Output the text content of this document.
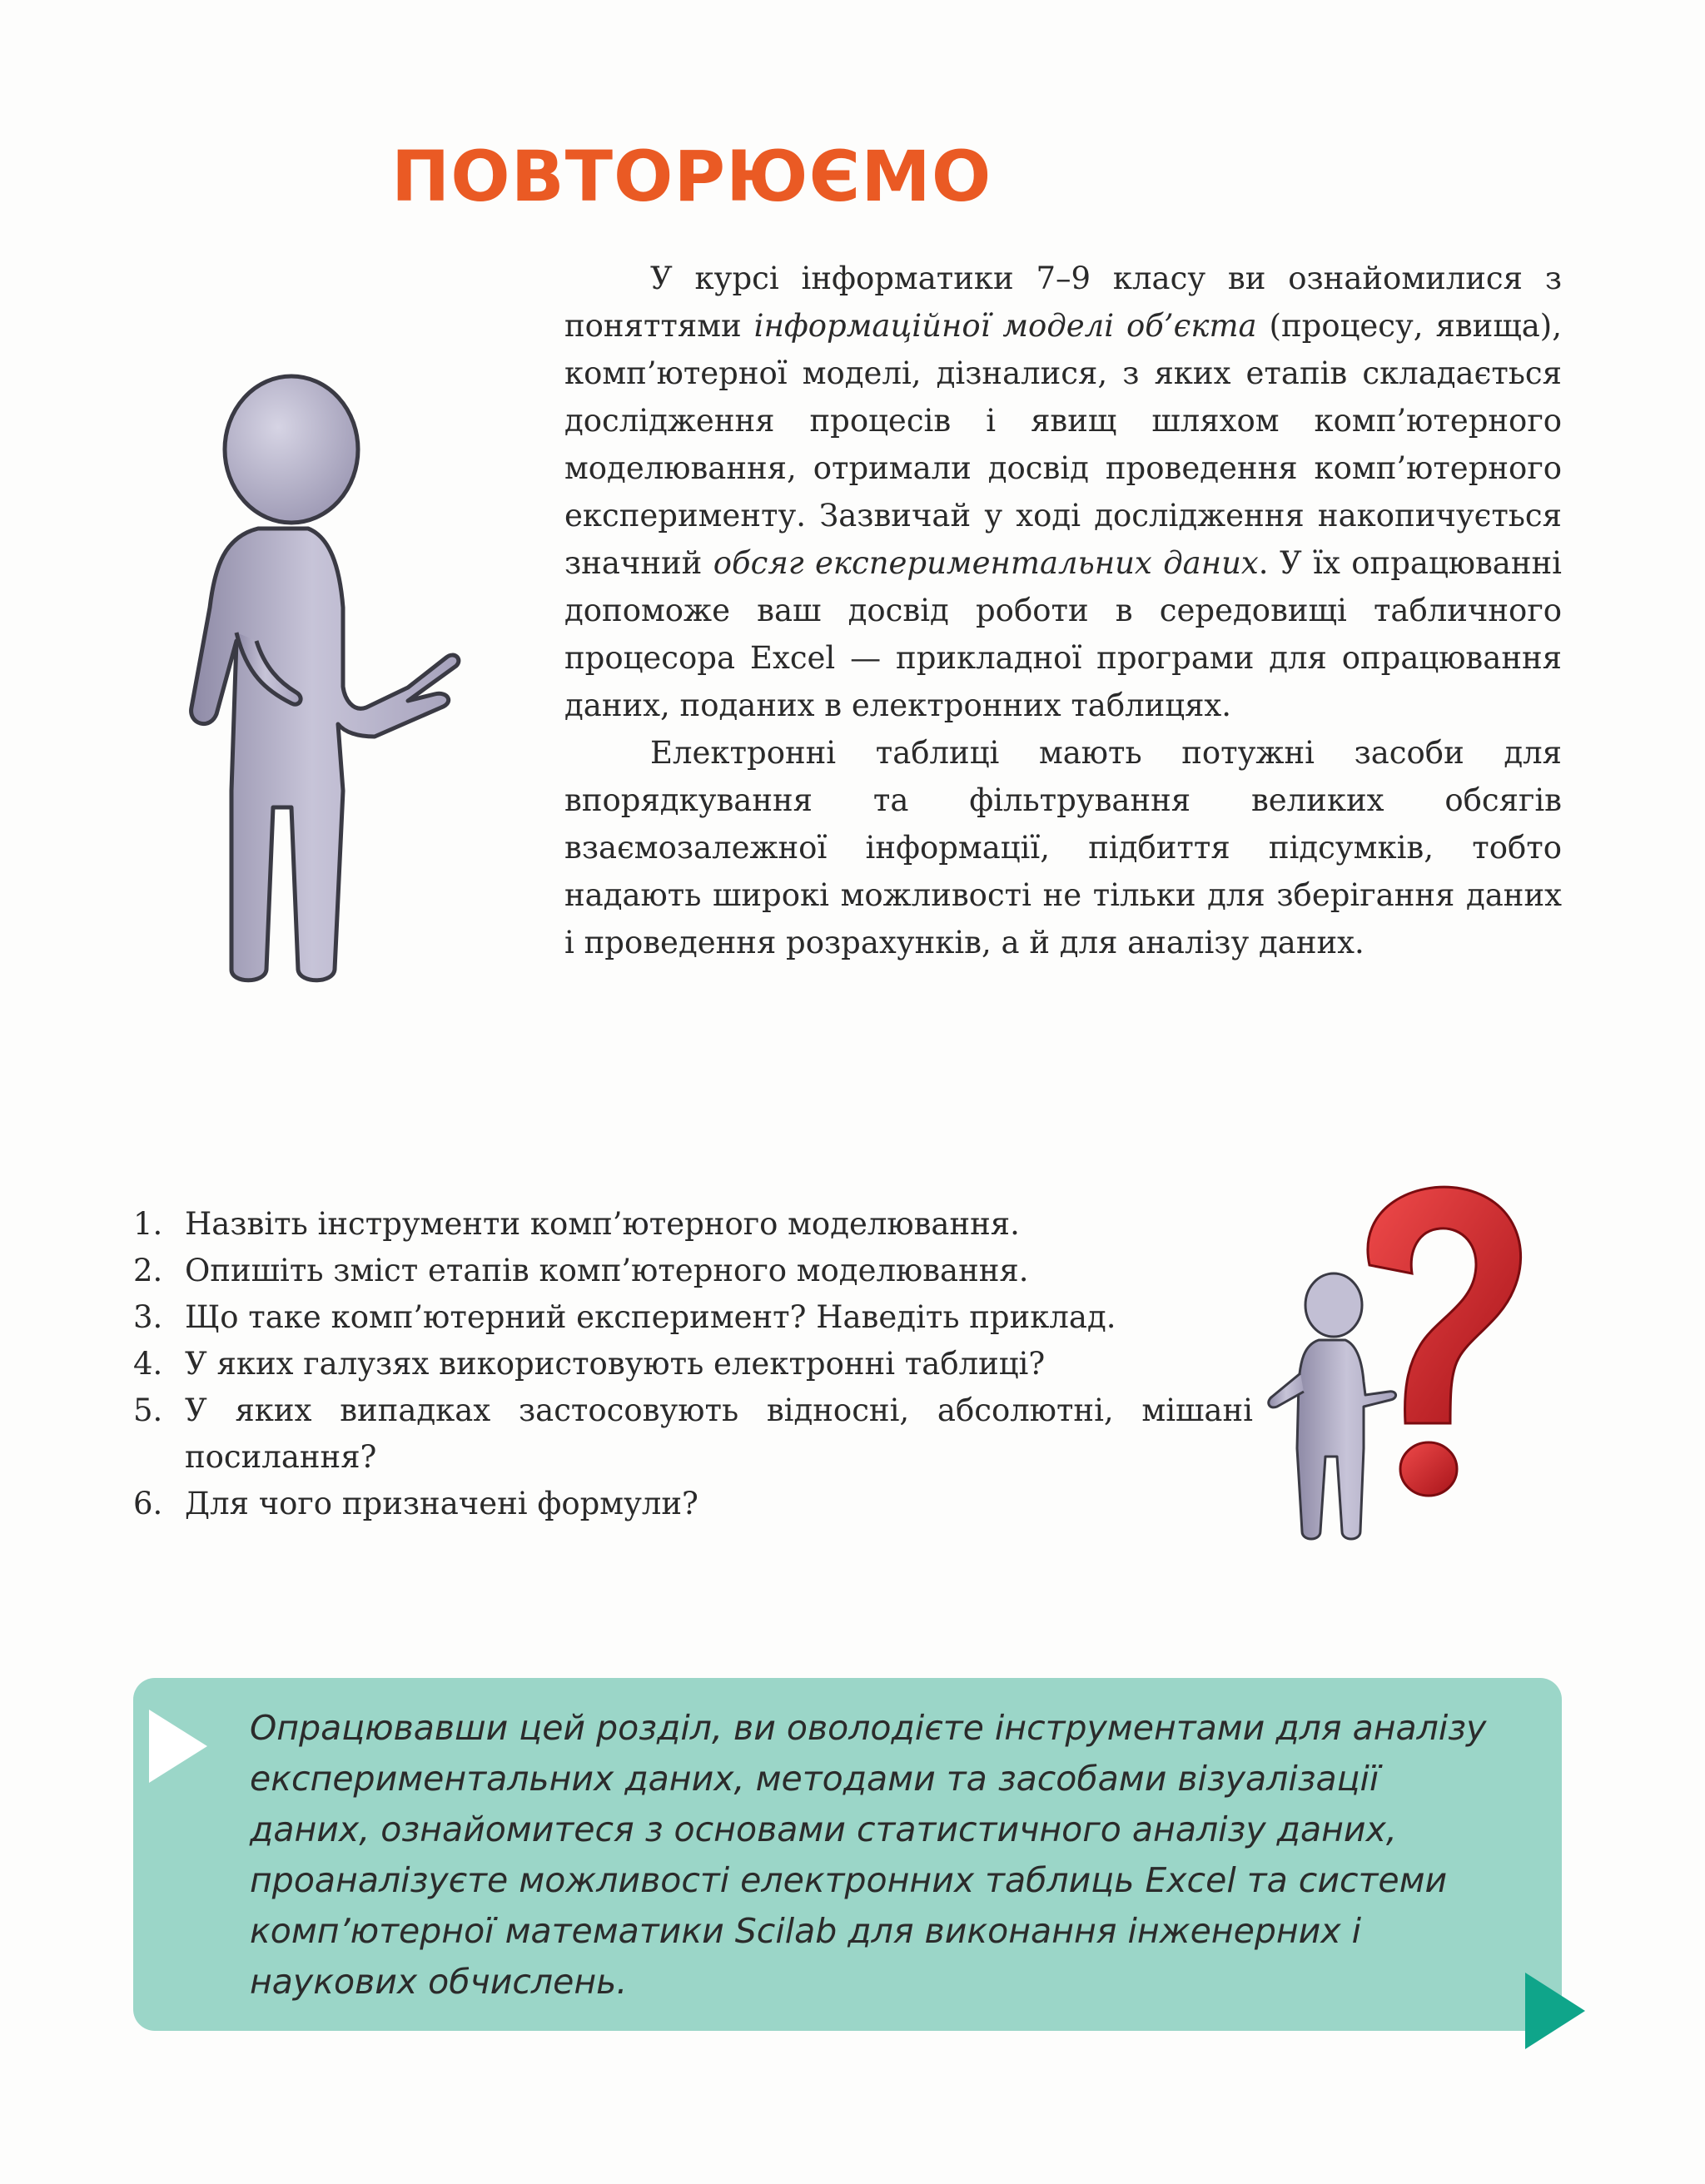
ПОВТОРЮЄМО

У курсі інформатики 7–9 класу ви ознайомилися з поняттями інформаційної моделі об’єкта (процесу, явища), комп’ютерної моделі, дізналися, з яких етапів складається дослідження процесів і явищ шляхом комп’ютерного моделювання, отримали досвід проведення комп’ютерного експерименту. Зазвичай у ході дослідження накопичується значний обсяг експериментальних даних. У їх опрацюванні допоможе ваш досвід роботи в середовищі табличного процесора Excel — прикладної програми для опрацювання даних, поданих в електронних таблицях.

Електронні таблиці мають потужні засоби для впорядкування та фільтрування великих обсягів взаємозалежної інформації, підбиття підсумків, тобто надають широкі можливості не тільки для зберігання даних і проведення розрахунків, а й для аналізу даних.

1. Назвіть інструменти комп’ютерного моделювання.
2. Опишіть зміст етапів комп’ютерного моделювання.
3. Що таке комп’ютерний експеримент? Наведіть приклад.
4. У яких галузях використовують електронні таблиці?
5. У яких випадках застосовують відносні, абсолютні, мішані посилання?
6. Для чого призначені формули?

Опрацювавши цей розділ, ви оволодієте інструментами для аналізу експериментальних даних, методами та засобами візуалізації даних, ознайомитеся з основами статистичного аналізу даних, проаналізуєте можливості електронних таблиць Excel та системи комп’ютерної математики Scilab для виконання інженерних і наукових обчислень.
